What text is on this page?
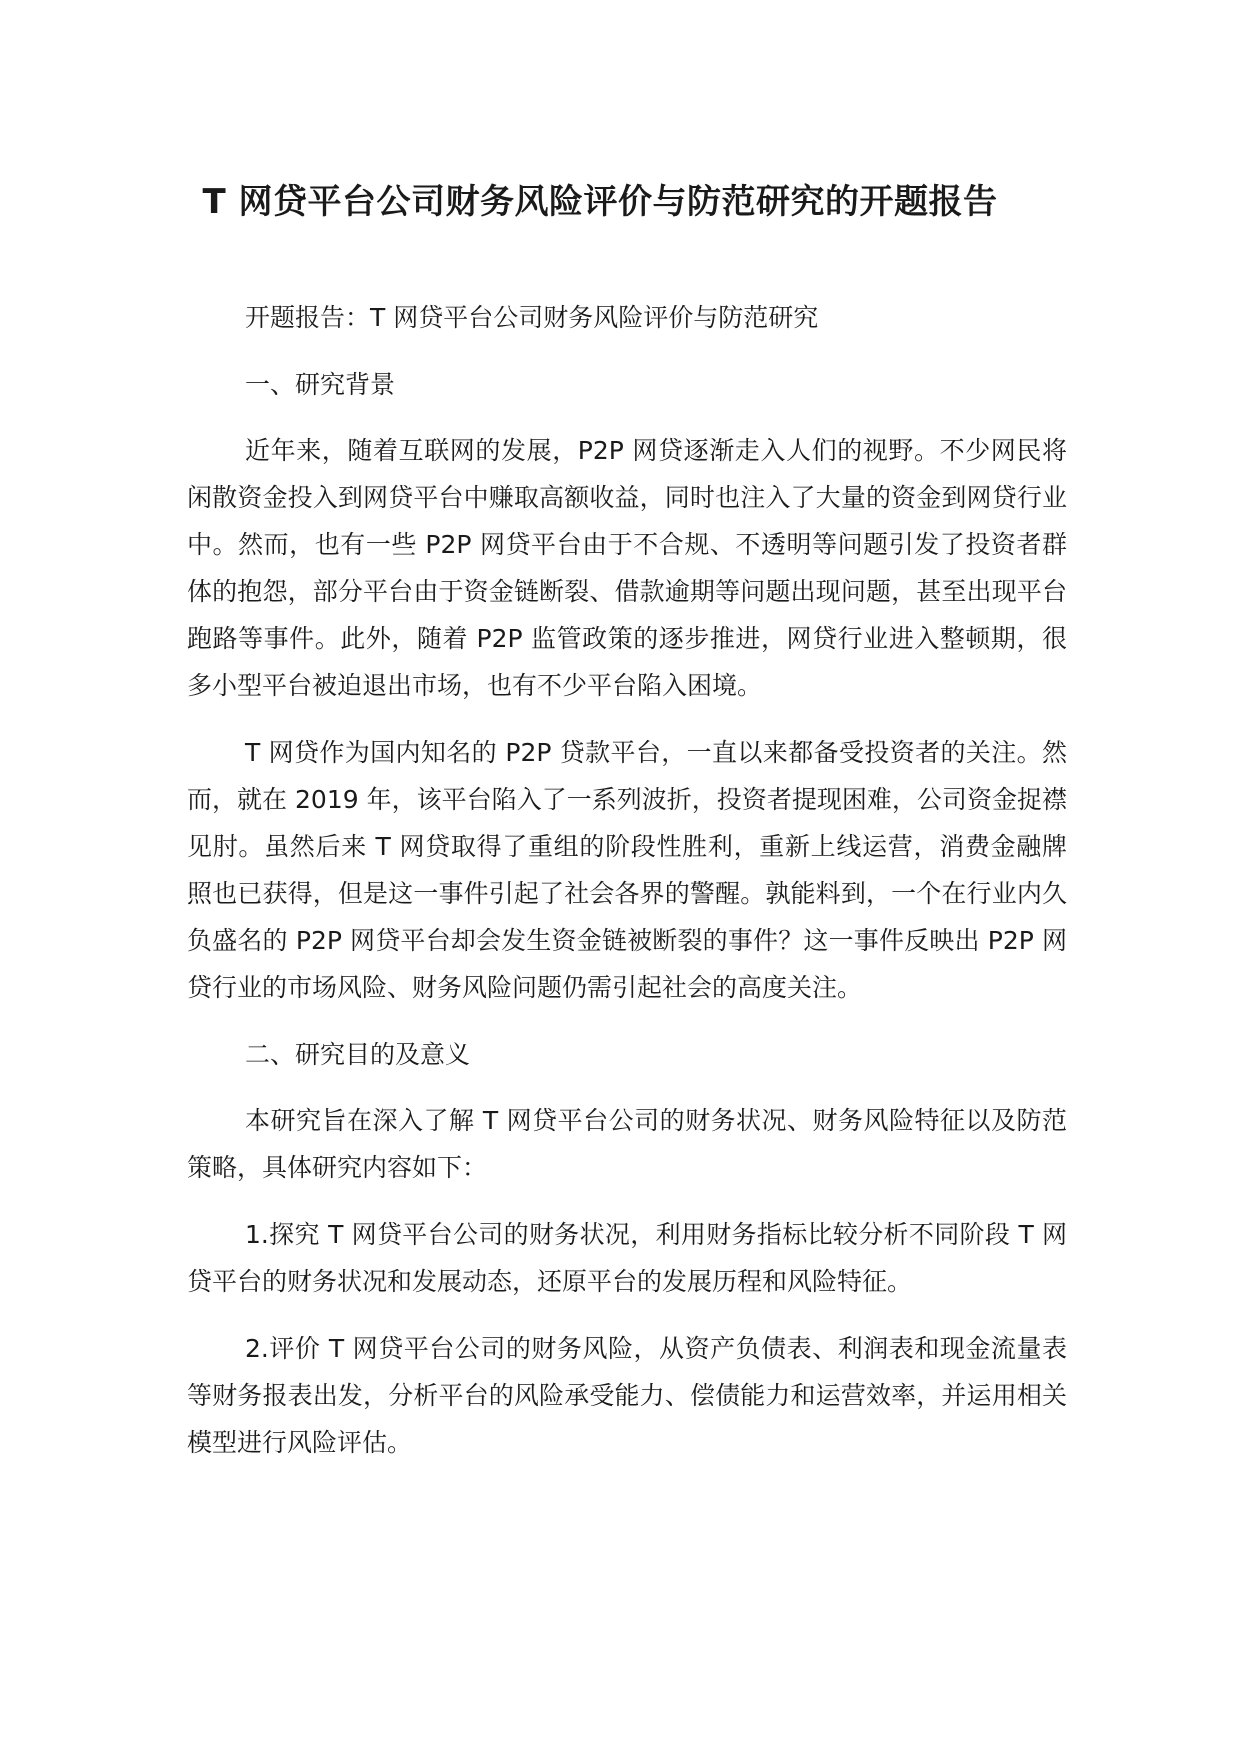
T 网贷平台公司财务风险评价与防范研究的开题报告

开题报告：T 网贷平台公司财务风险评价与防范研究

一、研究背景

近年来，随着互联网的发展，P2P 网贷逐渐走入人们的视野。不少网民将闲散资金投入到网贷平台中赚取高额收益，同时也注入了大量的资金到网贷行业中。然而，也有一些 P2P 网贷平台由于不合规、不透明等问题引发了投资者群体的抱怨，部分平台由于资金链断裂、借款逾期等问题出现问题，甚至出现平台跑路等事件。此外，随着 P2P 监管政策的逐步推进，网贷行业进入整顿期，很多小型平台被迫退出市场，也有不少平台陷入困境。

T 网贷作为国内知名的 P2P 贷款平台，一直以来都备受投资者的关注。然而，就在 2019 年，该平台陷入了一系列波折，投资者提现困难，公司资金捉襟见肘。虽然后来 T 网贷取得了重组的阶段性胜利，重新上线运营，消费金融牌照也已获得，但是这一事件引起了社会各界的警醒。孰能料到，一个在行业内久负盛名的 P2P 网贷平台却会发生资金链被断裂的事件？这一事件反映出 P2P 网贷行业的市场风险、财务风险问题仍需引起社会的高度关注。

二、研究目的及意义

本研究旨在深入了解 T 网贷平台公司的财务状况、财务风险特征以及防范策略，具体研究内容如下：

1.探究 T 网贷平台公司的财务状况，利用财务指标比较分析不同阶段 T 网贷平台的财务状况和发展动态，还原平台的发展历程和风险特征。

2.评价 T 网贷平台公司的财务风险，从资产负债表、利润表和现金流量表等财务报表出发，分析平台的风险承受能力、偿债能力和运营效率，并运用相关模型进行风险评估。
